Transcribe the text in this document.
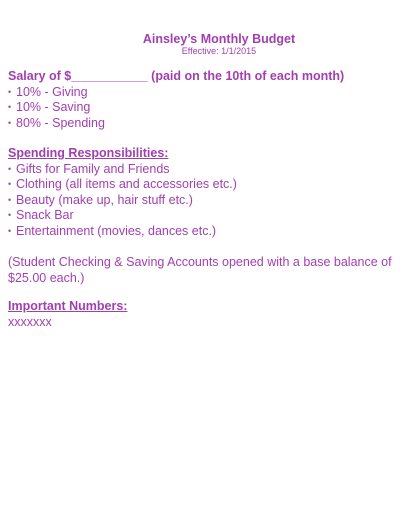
Ainsley’s Monthly Budget
Effective: 1/1/2015
Salary of $___________ (paid on the 10th of each month)
• 10% - Giving
• 10% - Saving
• 80% - Spending
Spending Responsibilities:
• Gifts for Family and Friends
• Clothing (all items and accessories etc.)
• Beauty (make up, hair stuff etc.)
• Snack Bar
• Entertainment (movies, dances etc.)
(Student Checking & Saving Accounts opened with a base balance of $25.00 each.)
Important Numbers:
xxxxxxx
